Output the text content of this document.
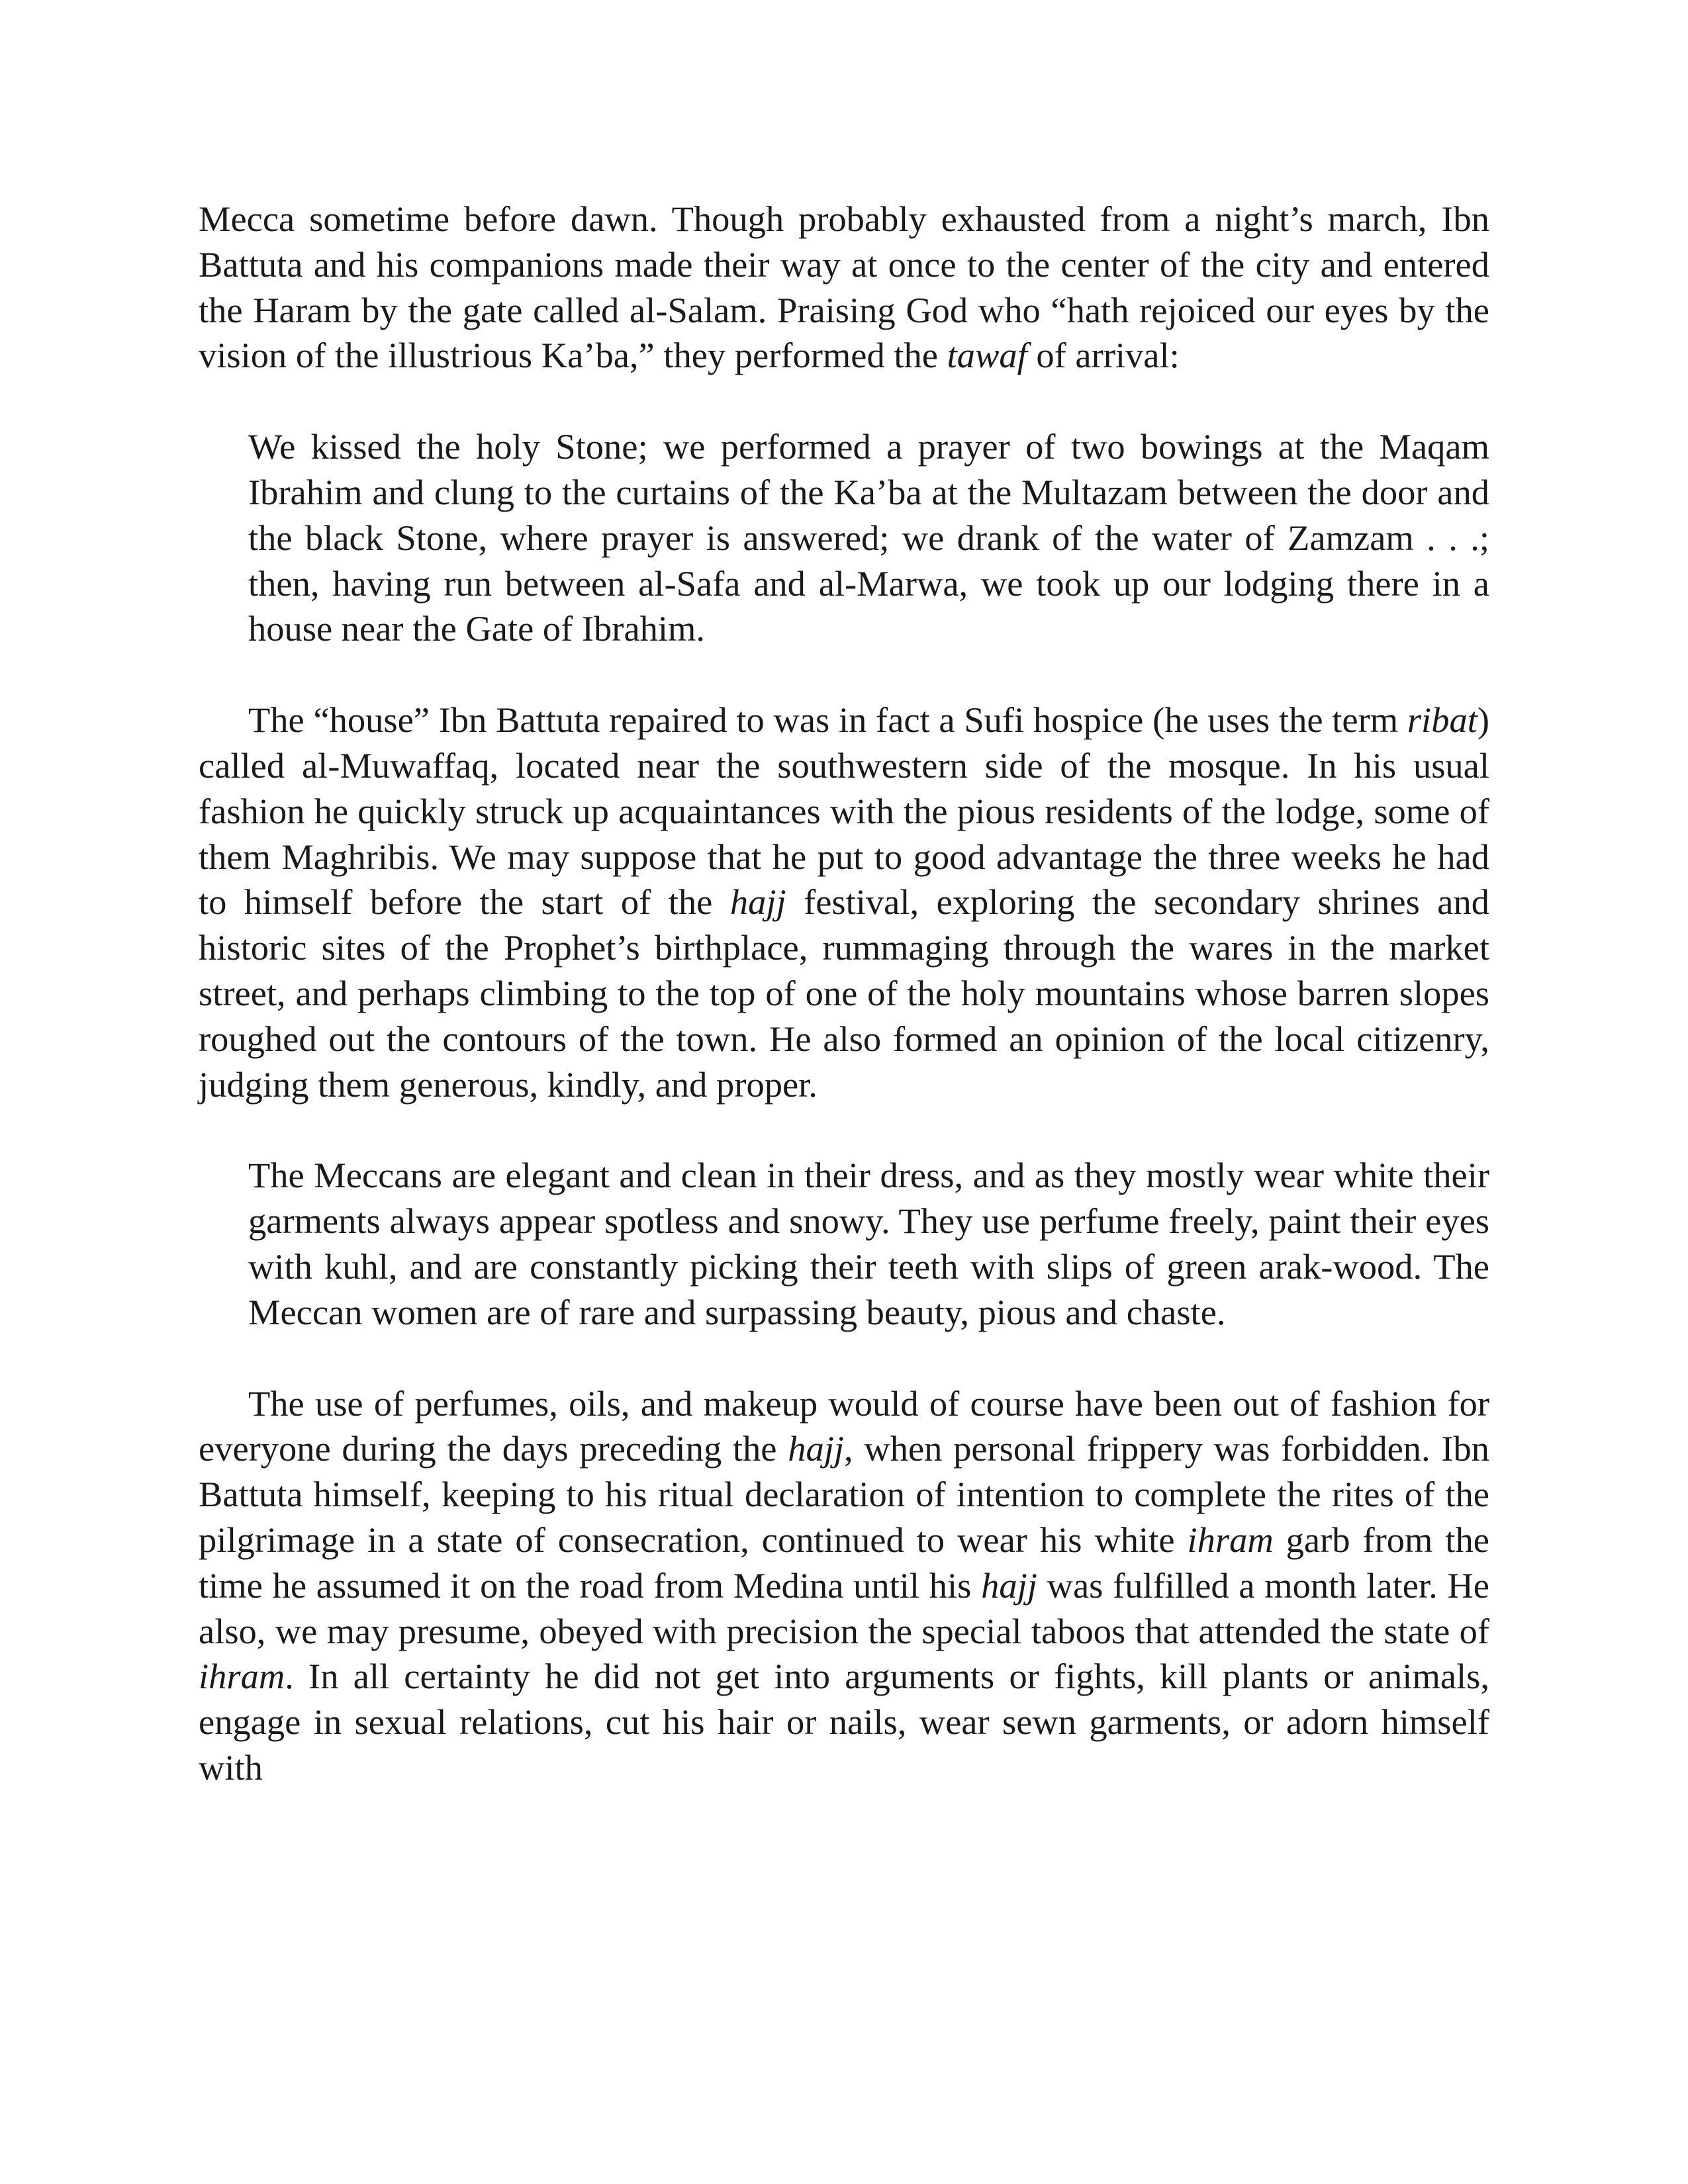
Mecca sometime before dawn. Though probably exhausted from a night’s march, Ibn Battuta and his companions made their way at once to the center of the city and entered the Haram by the gate called al-Salam. Praising God who “hath rejoiced our eyes by the vision of the illustrious Ka’ba,” they performed the tawaf of arrival:

We kissed the holy Stone; we performed a prayer of two bowings at the Maqam Ibrahim and clung to the curtains of the Ka’ba at the Multazam between the door and the black Stone, where prayer is answered; we drank of the water of Zamzam . . .; then, having run between al-Safa and al-Marwa, we took up our lodging there in a house near the Gate of Ibrahim.

The “house” Ibn Battuta repaired to was in fact a Sufi hospice (he uses the term ribat) called al-Muwaffaq, located near the southwestern side of the mosque. In his usual fashion he quickly struck up acquaintances with the pious residents of the lodge, some of them Maghribis. We may suppose that he put to good advantage the three weeks he had to himself before the start of the hajj festival, exploring the secondary shrines and historic sites of the Prophet’s birthplace, rummaging through the wares in the market street, and perhaps climbing to the top of one of the holy mountains whose barren slopes roughed out the contours of the town. He also formed an opinion of the local citizenry, judging them generous, kindly, and proper.

The Meccans are elegant and clean in their dress, and as they mostly wear white their garments always appear spotless and snowy. They use perfume freely, paint their eyes with kuhl, and are constantly picking their teeth with slips of green arak-wood. The Meccan women are of rare and surpassing beauty, pious and chaste.

The use of perfumes, oils, and makeup would of course have been out of fashion for everyone during the days preceding the hajj, when personal frippery was forbidden. Ibn Battuta himself, keeping to his ritual declaration of intention to complete the rites of the pilgrimage in a state of consecration, continued to wear his white ihram garb from the time he assumed it on the road from Medina until his hajj was fulfilled a month later. He also, we may presume, obeyed with precision the special taboos that attended the state of ihram. In all certainty he did not get into arguments or fights, kill plants or animals, engage in sexual relations, cut his hair or nails, wear sewn garments, or adorn himself with
